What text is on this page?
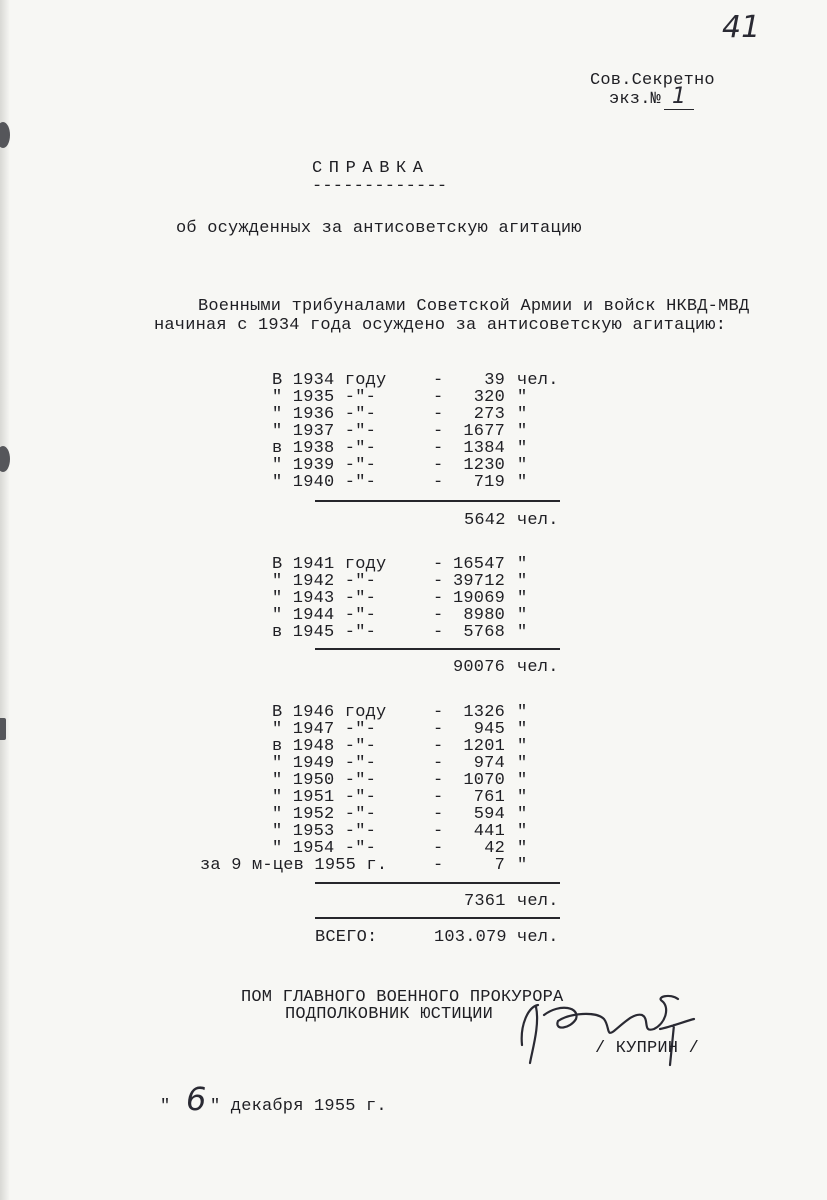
41
Сов.Секретно
экз.№ 1
СПРАВКА
-------------
об осужденных за антисоветскую агитацию
Военными трибуналами Советской Армии и войск НКВД-МВД
начиная с 1934 года осуждено за антисоветскую агитацию:
В 1934 году	- 39 чел.
" 1935 -"-	- 320 "
" 1936 -"-	- 273 "
" 1937 -"-	- 1677 "
в 1938 -"-	- 1384 "
" 1939 -"-	- 1230 "
" 1940 -"-	- 719 "
5642 чел.
В 1941 году	- 16547 "
" 1942 -"-	- 39712 "
" 1943 -"-	- 19069 "
" 1944 -"-	- 8980 "
в 1945 -"-	- 5768 "
90076 чел.
В 1946 году	- 1326 "
" 1947 -"-	- 945 "
в 1948 -"-	- 1201 "
" 1949 -"-	- 974 "
" 1950 -"-	- 1070 "
" 1951 -"-	- 761 "
" 1952 -"-	- 594 "
" 1953 -"-	- 441 "
" 1954 -"-	- 42 "
за 9 м-цев 1955 г.	-	7 "
7361 чел.
ВСЕГО:	103.079 чел.
ПОМ ГЛАВНОГО ВОЕННОГО ПРОКУРОРА
ПОДПОЛКОВНИК ЮСТИЦИИ
/ КУПРИН /
" 6 " декабря 1955 г.
